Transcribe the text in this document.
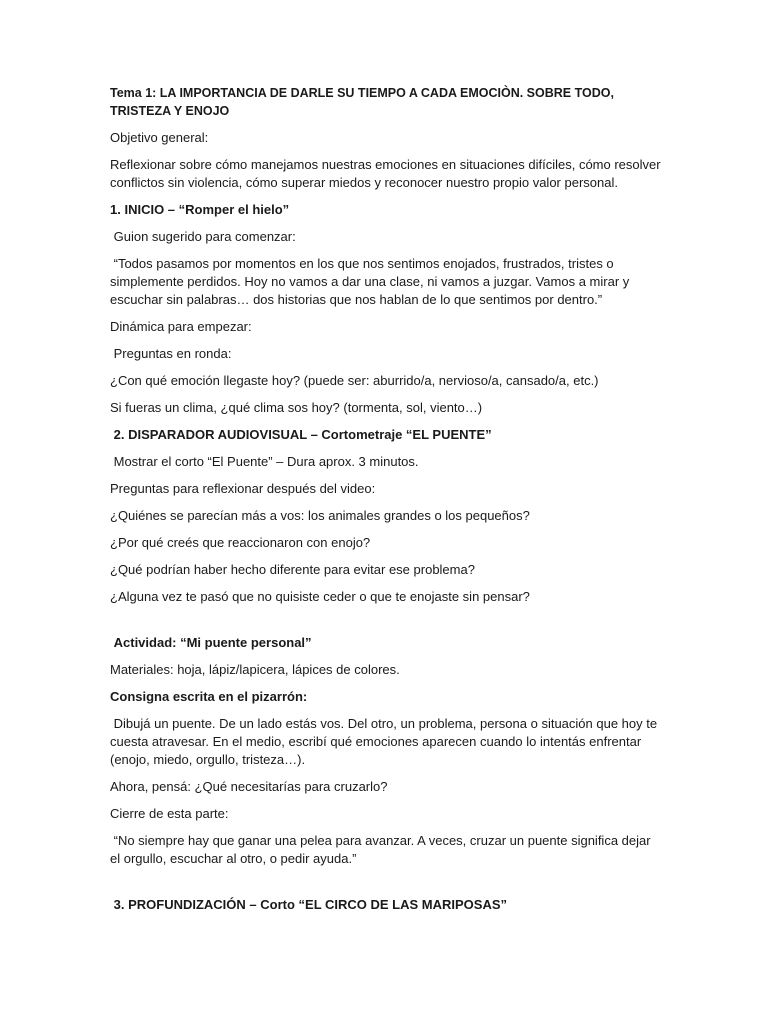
Tema 1: LA IMPORTANCIA DE DARLE SU TIEMPO A CADA EMOCIÒN. SOBRE TODO, TRISTEZA Y ENOJO

Objetivo general:

Reflexionar sobre cómo manejamos nuestras emociones en situaciones difíciles, cómo resolver conflictos sin violencia, cómo superar miedos y reconocer nuestro propio valor personal.

1. INICIO – “Romper el hielo”

Guion sugerido para comenzar:

“Todos pasamos por momentos en los que nos sentimos enojados, frustrados, tristes o simplemente perdidos. Hoy no vamos a dar una clase, ni vamos a juzgar. Vamos a mirar y escuchar sin palabras… dos historias que nos hablan de lo que sentimos por dentro.”

Dinámica para empezar:

Preguntas en ronda:

¿Con qué emoción llegaste hoy? (puede ser: aburrido/a, nervioso/a, cansado/a, etc.)

Si fueras un clima, ¿qué clima sos hoy? (tormenta, sol, viento…)

2. DISPARADOR AUDIOVISUAL – Cortometraje “EL PUENTE”

Mostrar el corto “El Puente” – Dura aprox. 3 minutos.

Preguntas para reflexionar después del video:

¿Quiénes se parecían más a vos: los animales grandes o los pequeños?

¿Por qué creés que reaccionaron con enojo?

¿Qué podrían haber hecho diferente para evitar ese problema?

¿Alguna vez te pasó que no quisiste ceder o que te enojaste sin pensar?

Actividad: “Mi puente personal”

Materiales: hoja, lápiz/lapicera, lápices de colores.

Consigna escrita en el pizarrón:

Dibujá un puente. De un lado estás vos. Del otro, un problema, persona o situación que hoy te cuesta atravesar. En el medio, escribí qué emociones aparecen cuando lo intentás enfrentar (enojo, miedo, orgullo, tristeza…).

Ahora, pensá: ¿Qué necesitarías para cruzarlo?

Cierre de esta parte:

“No siempre hay que ganar una pelea para avanzar. A veces, cruzar un puente significa dejar el orgullo, escuchar al otro, o pedir ayuda.”

3. PROFUNDIZACIÓN – Corto “EL CIRCO DE LAS MARIPOSAS”
